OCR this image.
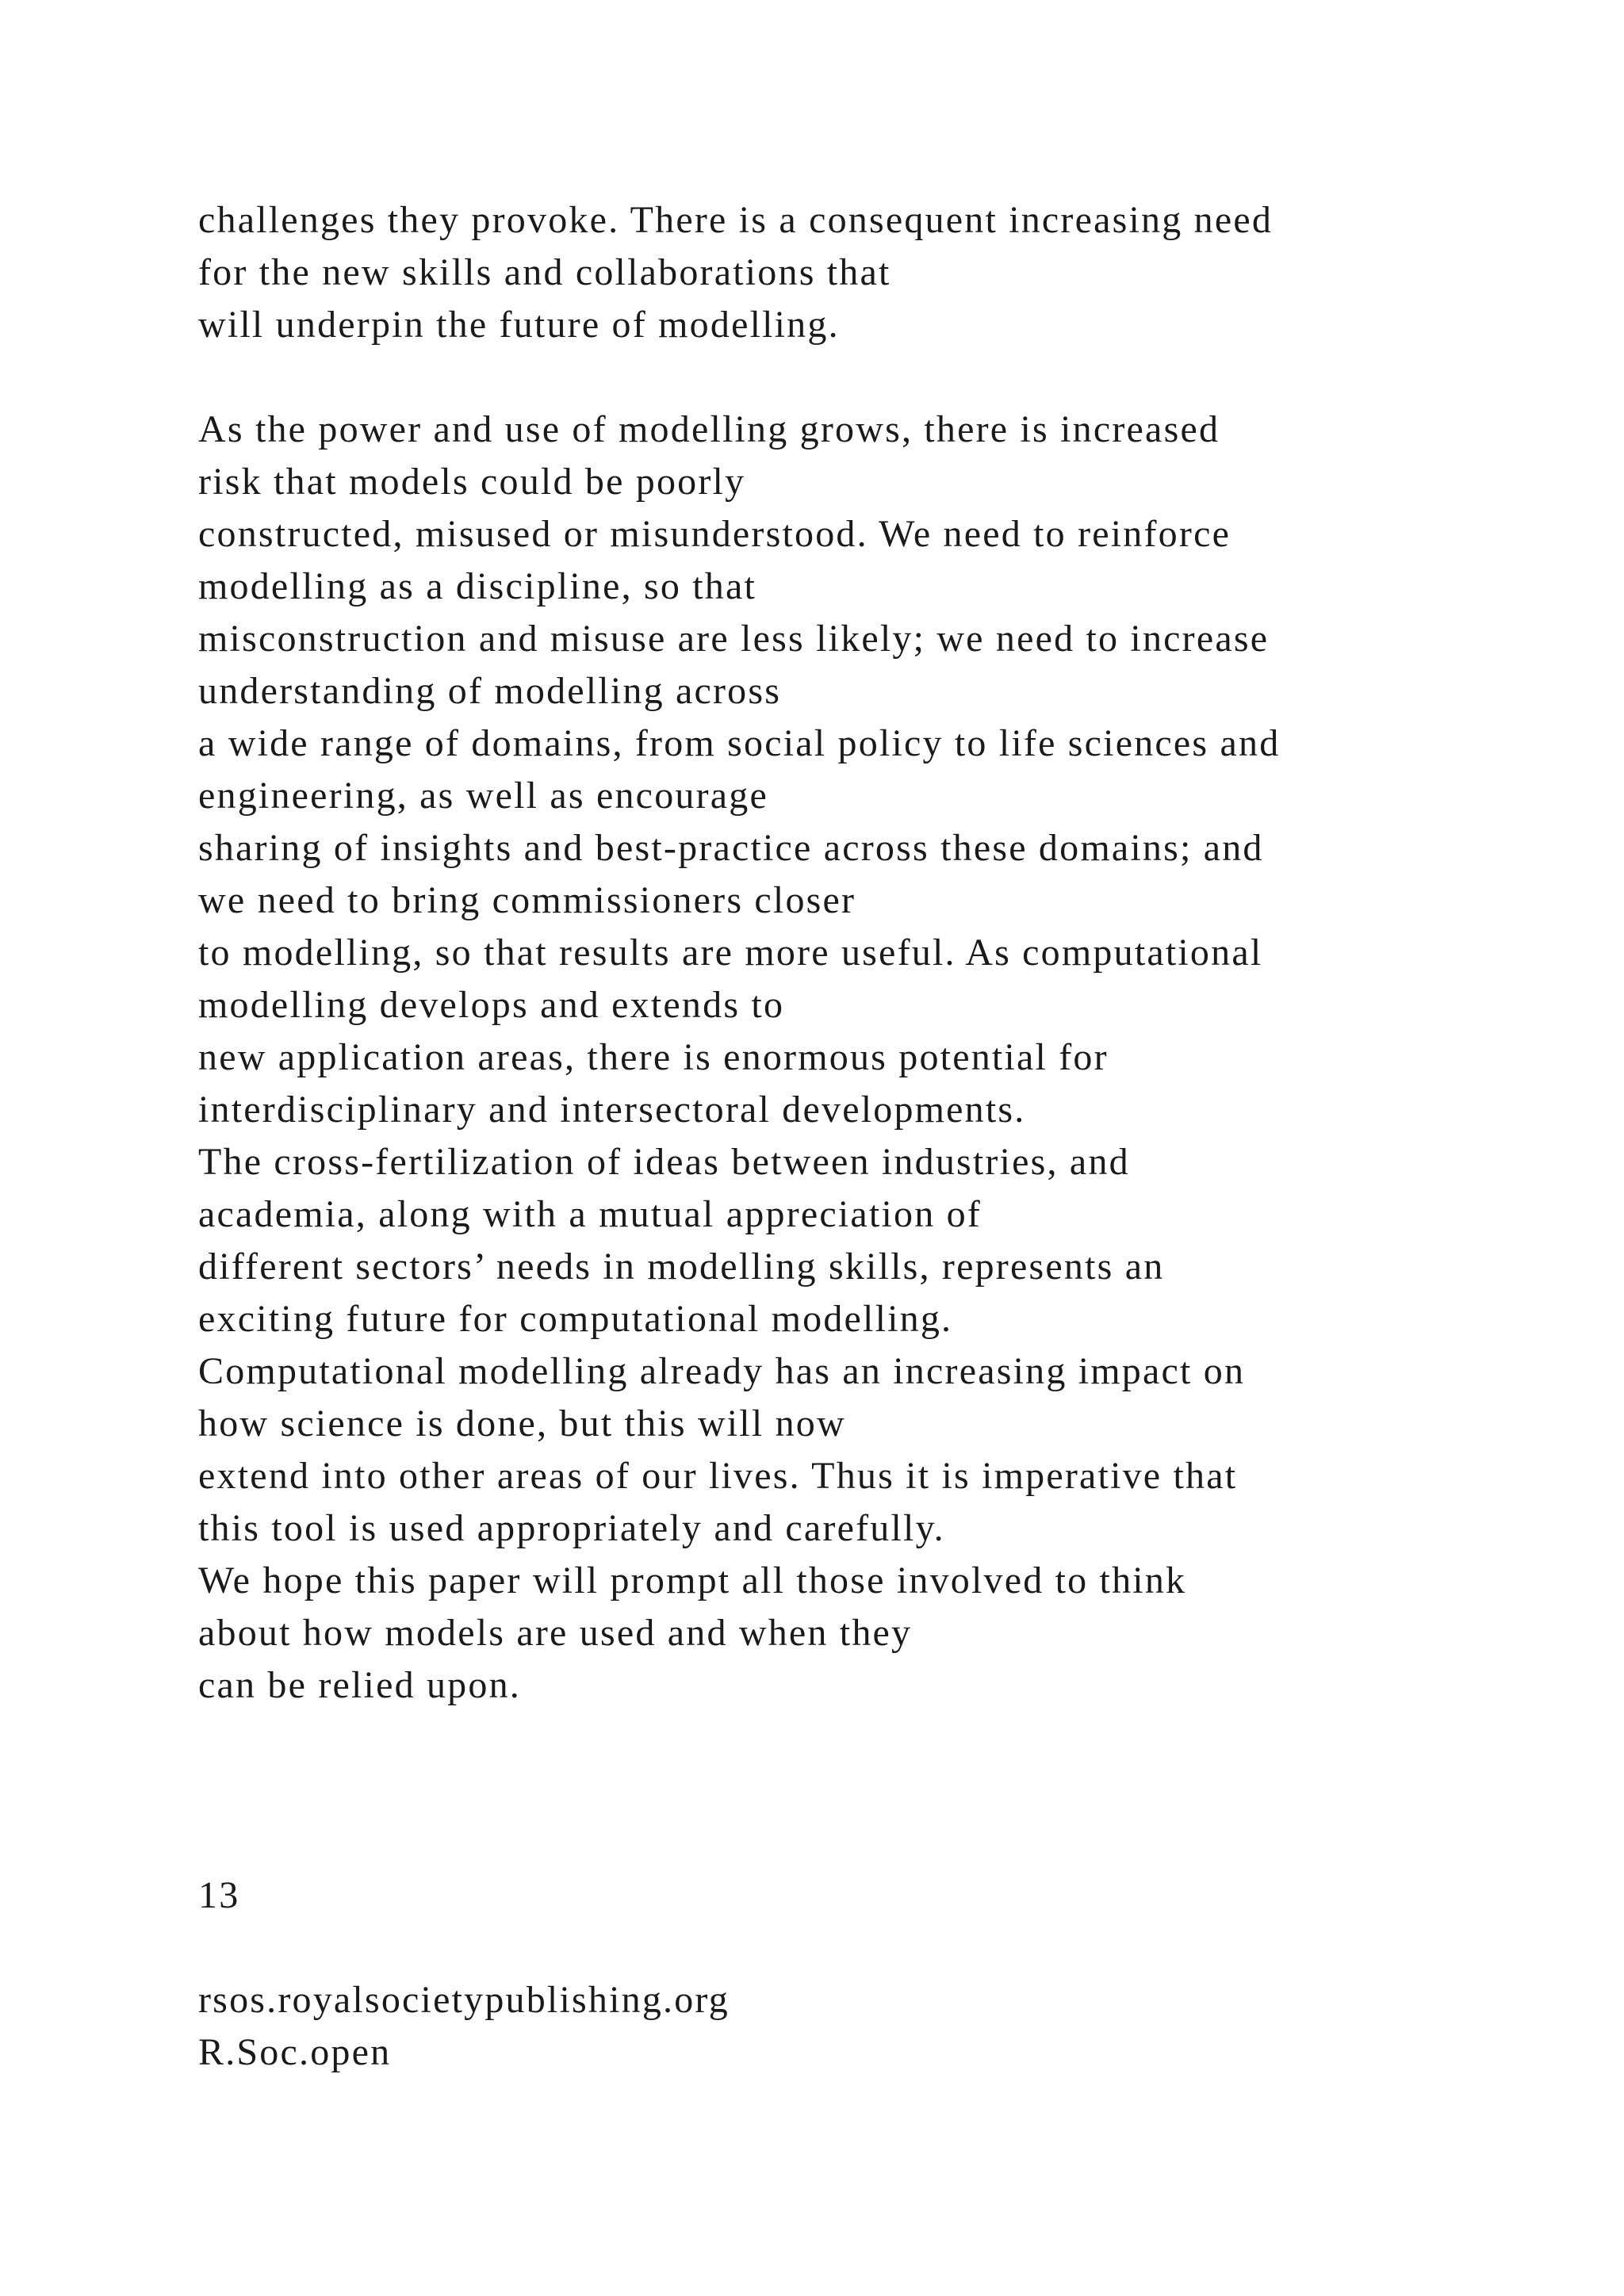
challenges they provoke. There is a consequent increasing need
for the new skills and collaborations that
will underpin the future of modelling.
As the power and use of modelling grows, there is increased
risk that models could be poorly
constructed, misused or misunderstood. We need to reinforce
modelling as a discipline, so that
misconstruction and misuse are less likely; we need to increase
understanding of modelling across
a wide range of domains, from social policy to life sciences and
engineering, as well as encourage
sharing of insights and best-practice across these domains; and
we need to bring commissioners closer
to modelling, so that results are more useful. As computational
modelling develops and extends to
new application areas, there is enormous potential for
interdisciplinary and intersectoral developments.
The cross-fertilization of ideas between industries, and
academia, along with a mutual appreciation of
different sectors’ needs in modelling skills, represents an
exciting future for computational modelling.
Computational modelling already has an increasing impact on
how science is done, but this will now
extend into other areas of our lives. Thus it is imperative that
this tool is used appropriately and carefully.
We hope this paper will prompt all those involved to think
about how models are used and when they
can be relied upon.
13
rsos.royalsocietypublishing.org
R.Soc.open
